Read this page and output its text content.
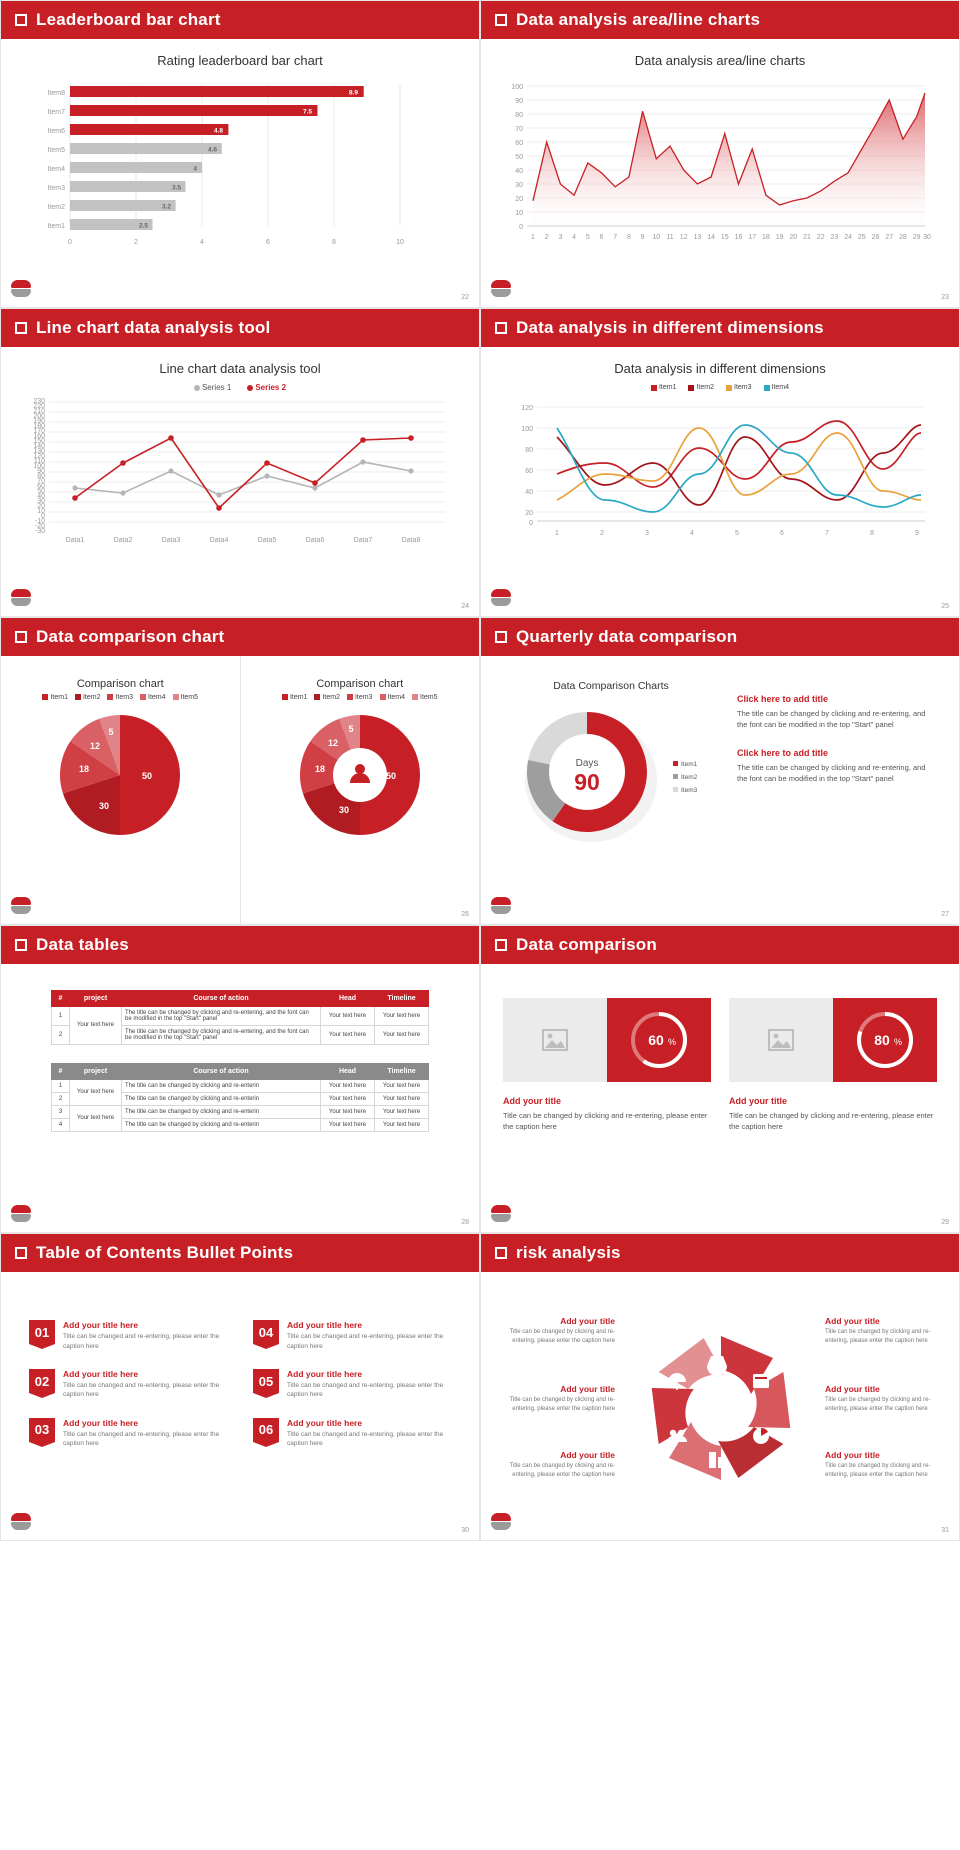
Leaderboard bar chart
Rating leaderboard bar chart
8.9
7.5
4.8
4.6
4
3.5
3.2
2.5
Item8
Item7
Item6
Item5
Item4
Item3
Item2
Item1
0	2	4	6	8	10
22
Data analysis area/line charts
Data analysis area/line charts
100
90
80
70
60
50
40
30
20
10
0
1 2 3 4 5 6 7 8 9 10 11 12 13 14 15 16 17 18 19 20 21 22 23 24 25 26 27 28 29 30
23
Line chart data analysis tool
Line chart data analysis tool
Series 1	Series 2
230
220
210
200
190
180
170
160
150
140
130
120
110
100
90
80
70
60
50
40
30
20
10
0
-10
-20
-30
Data1	Data2	Data3	Data4	Data5	Data6	Data7	Data8
24
Data analysis in different dimensions
Data analysis in different dimensions
Item1	Item2	Item3	Item4
120
100
80
60
40
20
0
1	2	3	4	5	6	7	8	9
25
Data comparison chart
Comparison chart
Item1 Item2 Item3 Item4 Item5
50
30
18
12
5
Comparison chart
Item1 Item2 Item3 Item4 Item5
50
30
18
12
5
26
Quarterly data comparison
Data Comparison Charts
Days
90
Item1
Item2
Item3
Click here to add title
The title can be changed by clicking and re-entering, and the font can be modified in the top "Start" panel
Click here to add title
The title can be changed by clicking and re-entering, and the font can be modified in the top "Start" panel
27
Data tables
#	project	Course of action	Head	Timeline
1	Your text here	The title can be changed by clicking and re-entering, and the font can be modified in the top "Start" panel	Your text here	Your text here
2		The title can be changed by clicking and re-entering, and the font can be modified in the top "Start" panel	Your text here	Your text here
#	project	Course of action	Head	Timeline
1	Your text here	The title can be changed by clicking and re-enterin	Your text here	Your text here
2		The title can be changed by clicking and re-enterin	Your text here	Your text here
3	Your text here	The title can be changed by clicking and re-enterin	Your text here	Your text here
4		The title can be changed by clicking and re-enterin	Your text here	Your text here
28
Data comparison
60 %
Add your title
Title can be changed by clicking and re-entering, please enter the caption here
80 %
Add your title
Title can be changed by clicking and re-entering, please enter the caption here
29
Table of Contents Bullet Points
01	Add your title here
Title can be changed and re-entering, please enter the caption here
04	Add your title here
Title can be changed and re-entering, please enter the caption here
02	Add your title here
Title can be changed and re-entering, please enter the caption here
05	Add your title here
Title can be changed and re-entering, please enter the caption here
03	Add your title here
Title can be changed and re-entering, please enter the caption here
06	Add your title here
Title can be changed and re-entering, please enter the caption here
30
risk analysis
Add your title
Title can be changed by clicking and re-entering, please enter the caption here
Add your title
Title can be changed by clicking and re-entering, please enter the caption here
Add your title
Title can be changed by clicking and re-entering, please enter the caption here
Add your title
Title can be changed by clicking and re-entering, please enter the caption here
Add your title
Title can be changed by clicking and re-entering, please enter the caption here
Add your title
Title can be changed by clicking and re-entering, please enter the caption here
31
